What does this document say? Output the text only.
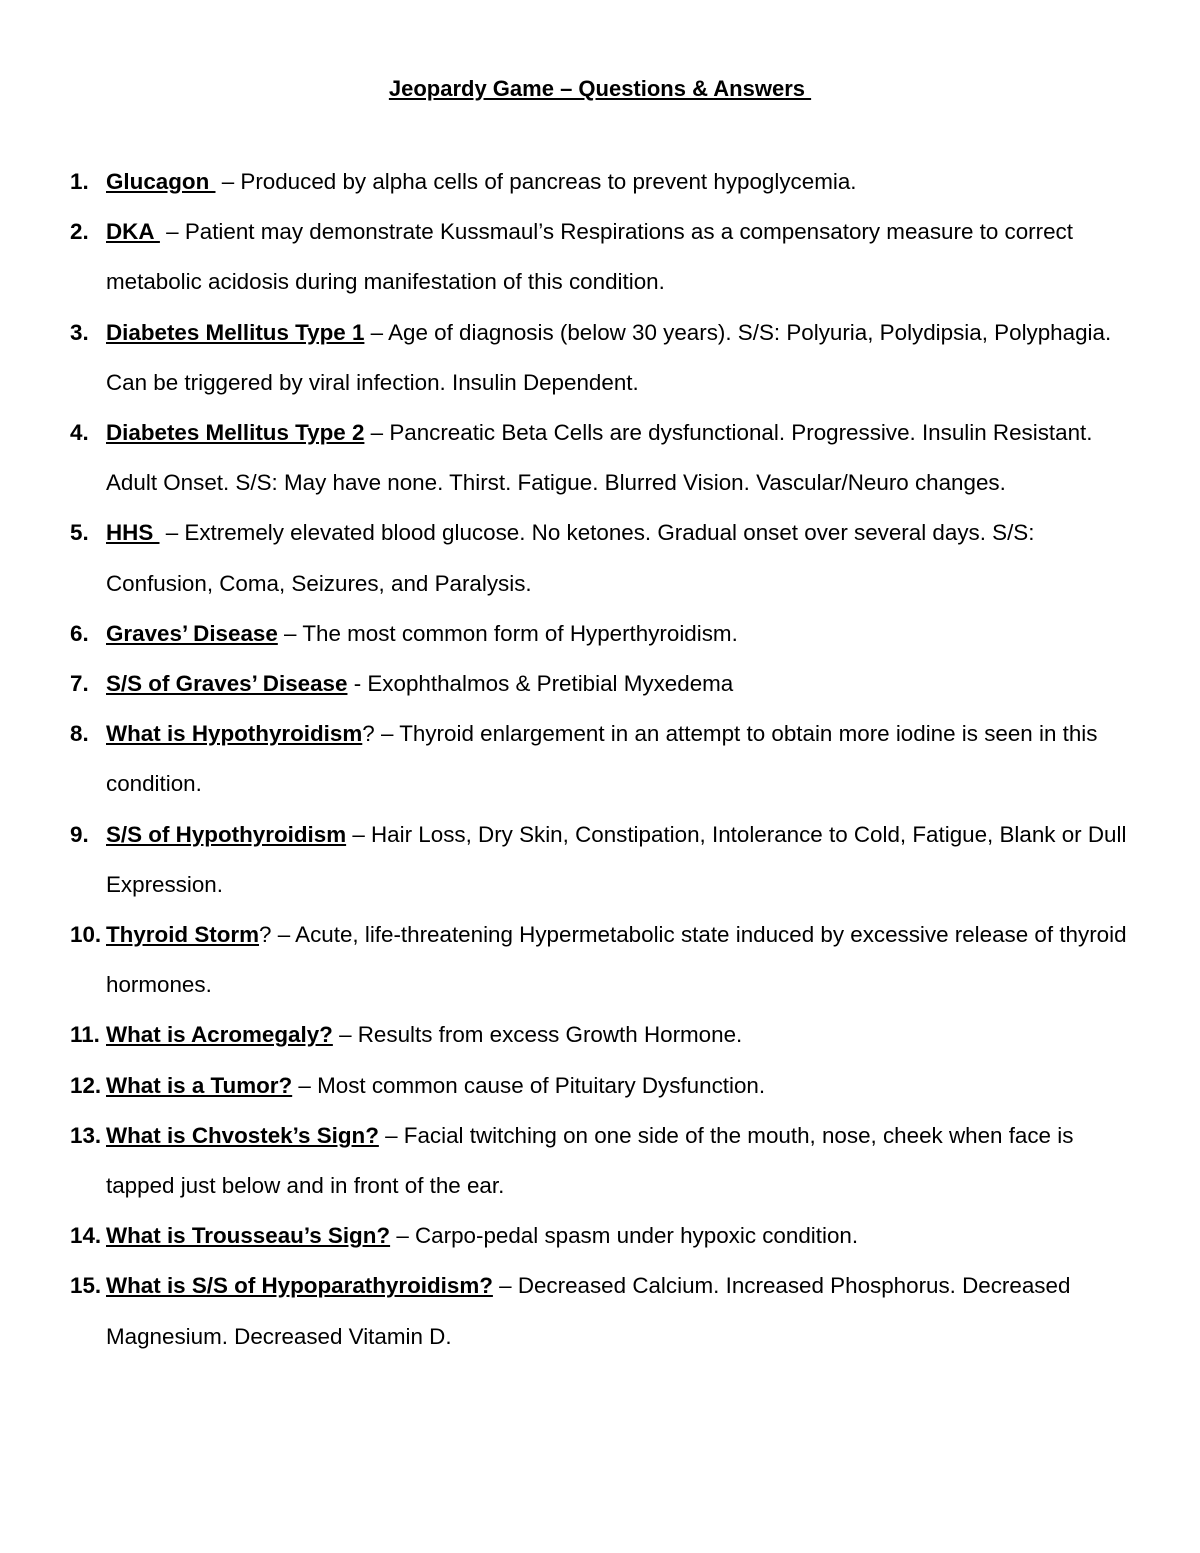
Jeopardy Game – Questions & Answers
1. Glucagon  – Produced by alpha cells of pancreas to prevent hypoglycemia.
2. DKA  – Patient may demonstrate Kussmaul’s Respirations as a compensatory measure to correct metabolic acidosis during manifestation of this condition.
3. Diabetes Mellitus Type 1 – Age of diagnosis (below 30 years). S/S: Polyuria, Polydipsia, Polyphagia. Can be triggered by viral infection. Insulin Dependent.
4. Diabetes Mellitus Type 2 – Pancreatic Beta Cells are dysfunctional. Progressive. Insulin Resistant. Adult Onset. S/S: May have none. Thirst. Fatigue. Blurred Vision. Vascular/Neuro changes.
5. HHS  – Extremely elevated blood glucose. No ketones. Gradual onset over several days. S/S: Confusion, Coma, Seizures, and Paralysis.
6. Graves’ Disease – The most common form of Hyperthyroidism.
7. S/S of Graves’ Disease - Exophthalmos & Pretibial Myxedema
8. What is Hypothyroidism? – Thyroid enlargement in an attempt to obtain more iodine is seen in this condition.
9. S/S of Hypothyroidism – Hair Loss, Dry Skin, Constipation, Intolerance to Cold, Fatigue, Blank or Dull Expression.
10. Thyroid Storm? – Acute, life-threatening Hypermetabolic state induced by excessive release of thyroid hormones.
11. What is Acromegaly? – Results from excess Growth Hormone.
12. What is a Tumor? – Most common cause of Pituitary Dysfunction.
13. What is Chvostek’s Sign? – Facial twitching on one side of the mouth, nose, cheek when face is tapped just below and in front of the ear.
14. What is Trousseau’s Sign? – Carpo-pedal spasm under hypoxic condition.
15. What is S/S of Hypoparathyroidism? – Decreased Calcium. Increased Phosphorus. Decreased Magnesium. Decreased Vitamin D.
